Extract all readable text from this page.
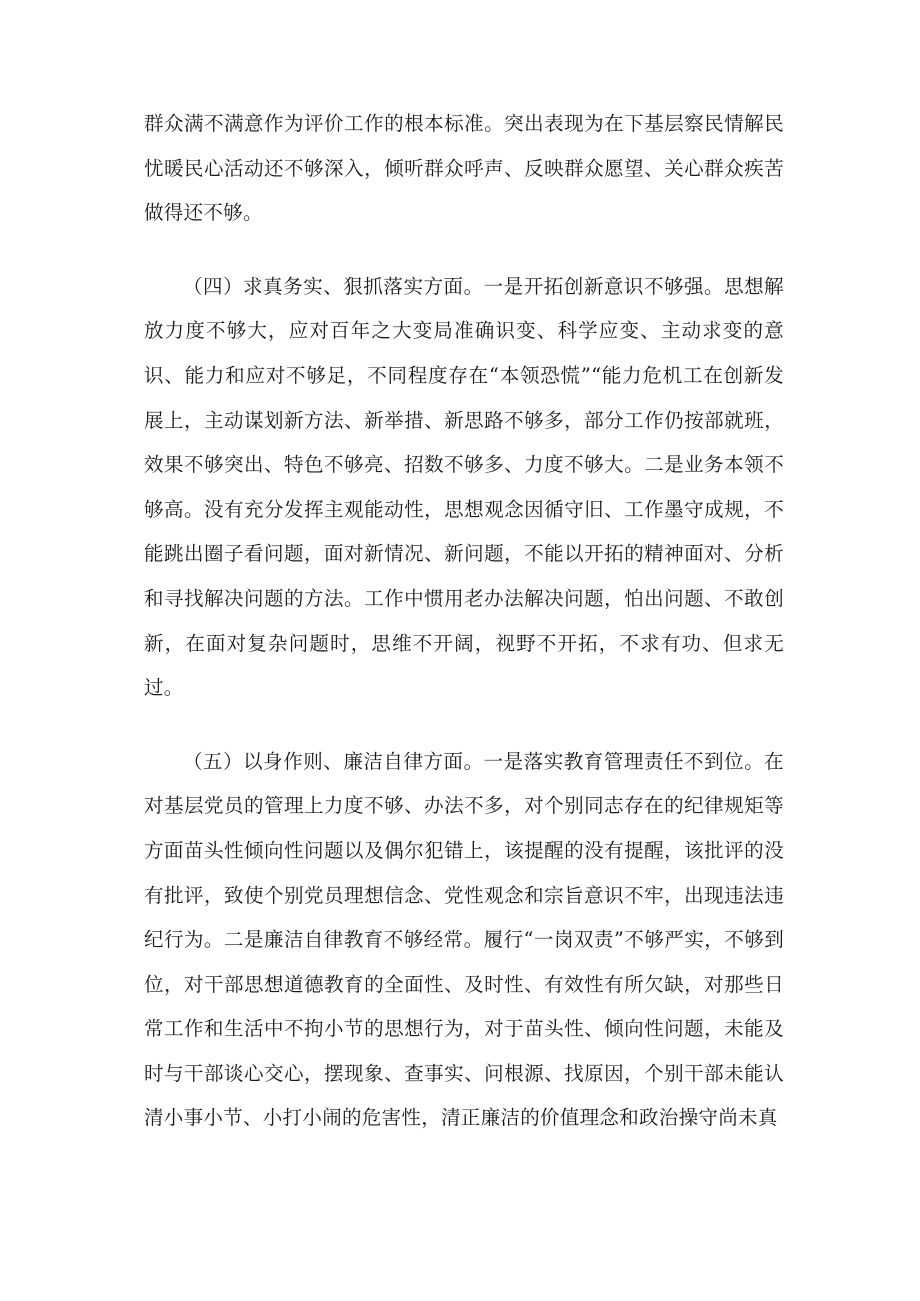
群众满不满意作为评价工作的根本标准。突出表现为在下基层察民情解民忧暖民心活动还不够深入，倾听群众呼声、反映群众愿望、关心群众疾苦做得还不够。

（四）求真务实、狠抓落实方面。一是开拓创新意识不够强。思想解放力度不够大，应对百年之大变局准确识变、科学应变、主动求变的意识、能力和应对不够足，不同程度存在“本领恐慌”“能力危机工在创新发展上，主动谋划新方法、新举措、新思路不够多，部分工作仍按部就班，效果不够突出、特色不够亮、招数不够多、力度不够大。二是业务本领不够高。没有充分发挥主观能动性，思想观念因循守旧、工作墨守成规，不能跳出圈子看问题，面对新情况、新问题，不能以开拓的精神面对、分析和寻找解决问题的方法。工作中惯用老办法解决问题，怕出问题、不敢创新，在面对复杂问题时，思维不开阔，视野不开拓，不求有功、但求无过。

（五）以身作则、廉洁自律方面。一是落实教育管理责任不到位。在对基层党员的管理上力度不够、办法不多，对个别同志存在的纪律规矩等方面苗头性倾向性问题以及偶尔犯错上，该提醒的没有提醒，该批评的没有批评，致使个别党员理想信念、党性观念和宗旨意识不牢，出现违法违纪行为。二是廉洁自律教育不够经常。履行“一岗双责”不够严实，不够到位，对干部思想道德教育的全面性、及时性、有效性有所欠缺，对那些日常工作和生活中不拘小节的思想行为，对于苗头性、倾向性问题，未能及时与干部谈心交心，摆现象、查事实、问根源、找原因，个别干部未能认清小事小节、小打小闹的危害性，清正廉洁的价值理念和政治操守尚未真
